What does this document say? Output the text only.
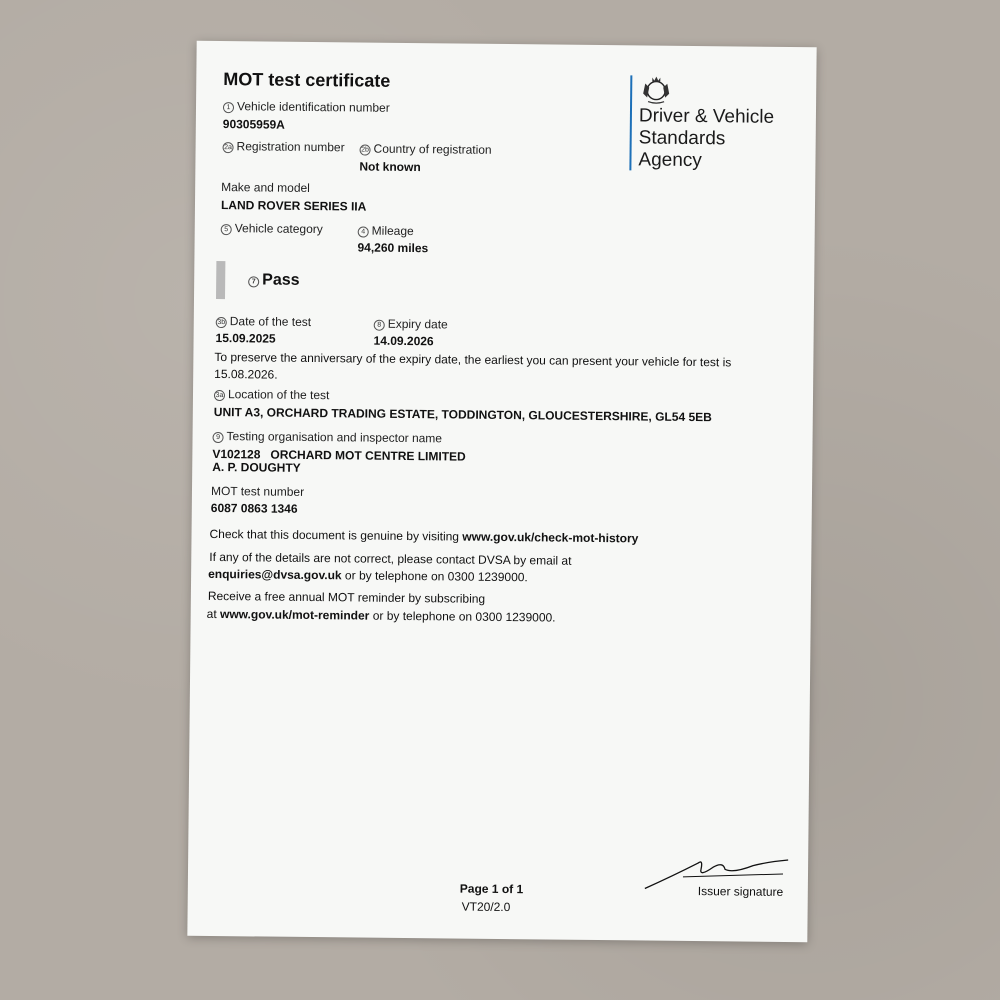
MOT test certificate
Driver & Vehicle
Standards
Agency
1 Vehicle identification number
90305959A
2a Registration number 2b Country of registration
Not known
Make and model
LAND ROVER SERIES IIA
5 Vehicle category	4 Mileage
94,260 miles
7 Pass
3b Date of the test
15.09.2025
8 Expiry date
14.09.2026
To preserve the anniversary of the expiry date, the earliest you can present your vehicle for test is
15.08.2026.
3a Location of the test
UNIT A3, ORCHARD TRADING ESTATE, TODDINGTON, GLOUCESTERSHIRE, GL54 5EB
9 Testing organisation and inspector name
V102128   ORCHARD MOT CENTRE LIMITED
A. P. DOUGHTY
MOT test number
6087 0863 1346
Check that this document is genuine by visiting www.gov.uk/check-mot-history
If any of the details are not correct, please contact DVSA by email at
enquiries@dvsa.gov.uk or by telephone on 0300 1239000.
Receive a free annual MOT reminder by subscribing
at www.gov.uk/mot-reminder or by telephone on 0300 1239000.
Page 1 of 1
VT20/2.0
Issuer signature
